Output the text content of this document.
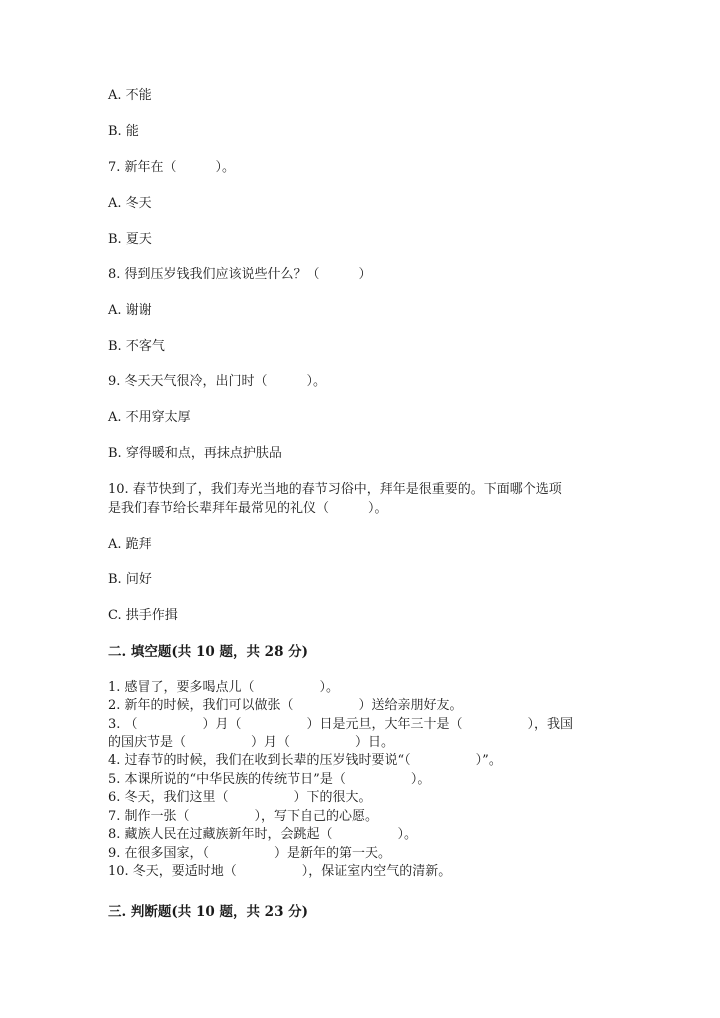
A. 不能
B. 能
7. 新年在（　　　）。
A. 冬天
B. 夏天
8. 得到压岁钱我们应该说些什么？（　　　）
A. 谢谢
B. 不客气
9. 冬天天气很冷，出门时（　　　）。
A. 不用穿太厚
B. 穿得暖和点，再抹点护肤品
10. 春节快到了，我们寿光当地的春节习俗中，拜年是很重要的。下面哪个选项
是我们春节给长辈拜年最常见的礼仪（　　　）。
A. 跪拜
B. 问好
C. 拱手作揖
二. 填空题(共 10 题，共 28 分)
1. 感冒了，要多喝点儿（　　　　　）。
2. 新年的时候，我们可以做张（　　　　　）送给亲朋好友。
3. （　　　　　）月（　　　　　）日是元旦，大年三十是（　　　　　），我国
的国庆节是（　　　　　）月（　　　　　）日。
4. 过春节的时候，我们在收到长辈的压岁钱时要说“（　　　　　）”。
5. 本课所说的“中华民族的传统节日”是（　　　　　）。
6. 冬天，我们这里（　　　　　）下的很大。
7. 制作一张（　　　　　），写下自己的心愿。
8. 藏族人民在过藏族新年时，会跳起（　　　　　）。
9. 在很多国家，（　　　　　）是新年的第一天。
10. 冬天，要适时地（　　　　　），保证室内空气的清新。
三. 判断题(共 10 题，共 23 分)
